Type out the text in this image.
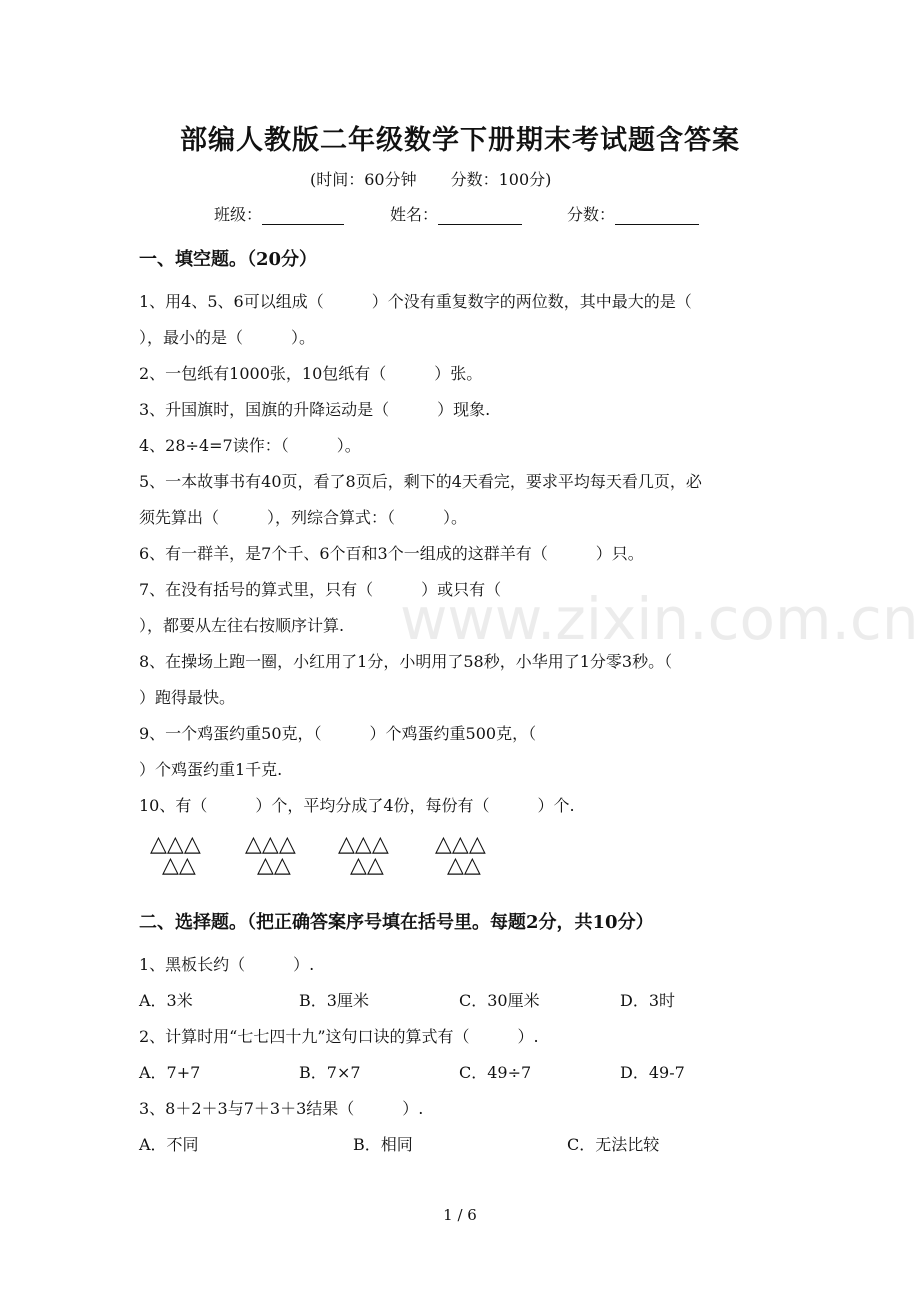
www.zixin.com.cn
部编人教版二年级数学下册期末考试题含答案
(时间：60分钟 分数：100分)
班级：	姓名：	分数：
一、填空题。（20分）
1、用4、5、6可以组成（　　　）个没有重复数字的两位数，其中最大的是（
），最小的是（　　　）。
2、一包纸有1000张，10包纸有（　　　）张。
3、升国旗时，国旗的升降运动是（　　　）现象.
4、28÷4=7读作：（　　　）。
5、一本故事书有40页，看了8页后，剩下的4天看完，要求平均每天看几页，必
须先算出（　　　），列综合算式：（　　　）。
6、有一群羊，是7个千、6个百和3个一组成的这群羊有（　　　）只。
7、在没有括号的算式里，只有（　　　）或只有（
），都要从左往右按顺序计算.
8、在操场上跑一圈，小红用了1分，小明用了58秒，小华用了1分零3秒。（
）跑得最快。
9、一个鸡蛋约重50克，（　　　）个鸡蛋约重500克，（
）个鸡蛋约重1千克.
10、有（　　　）个，平均分成了4份，每份有（　　　）个.
△△△
△△
△△△
△△
△△△
△△
△△△
△△
二、选择题。（把正确答案序号填在括号里。每题2分，共10分）
1、黑板长约（　　　）.
A．3米	B．3厘米	C．30厘米	D．3时
2、计算时用“七七四十九”这句口诀的算式有（　　　）.
A．7+7	B．7×7	C．49÷7	D．49-7
3、8＋2＋3与7＋3＋3结果（　　　）.
A．不同	B．相同	C．无法比较
1 / 6
